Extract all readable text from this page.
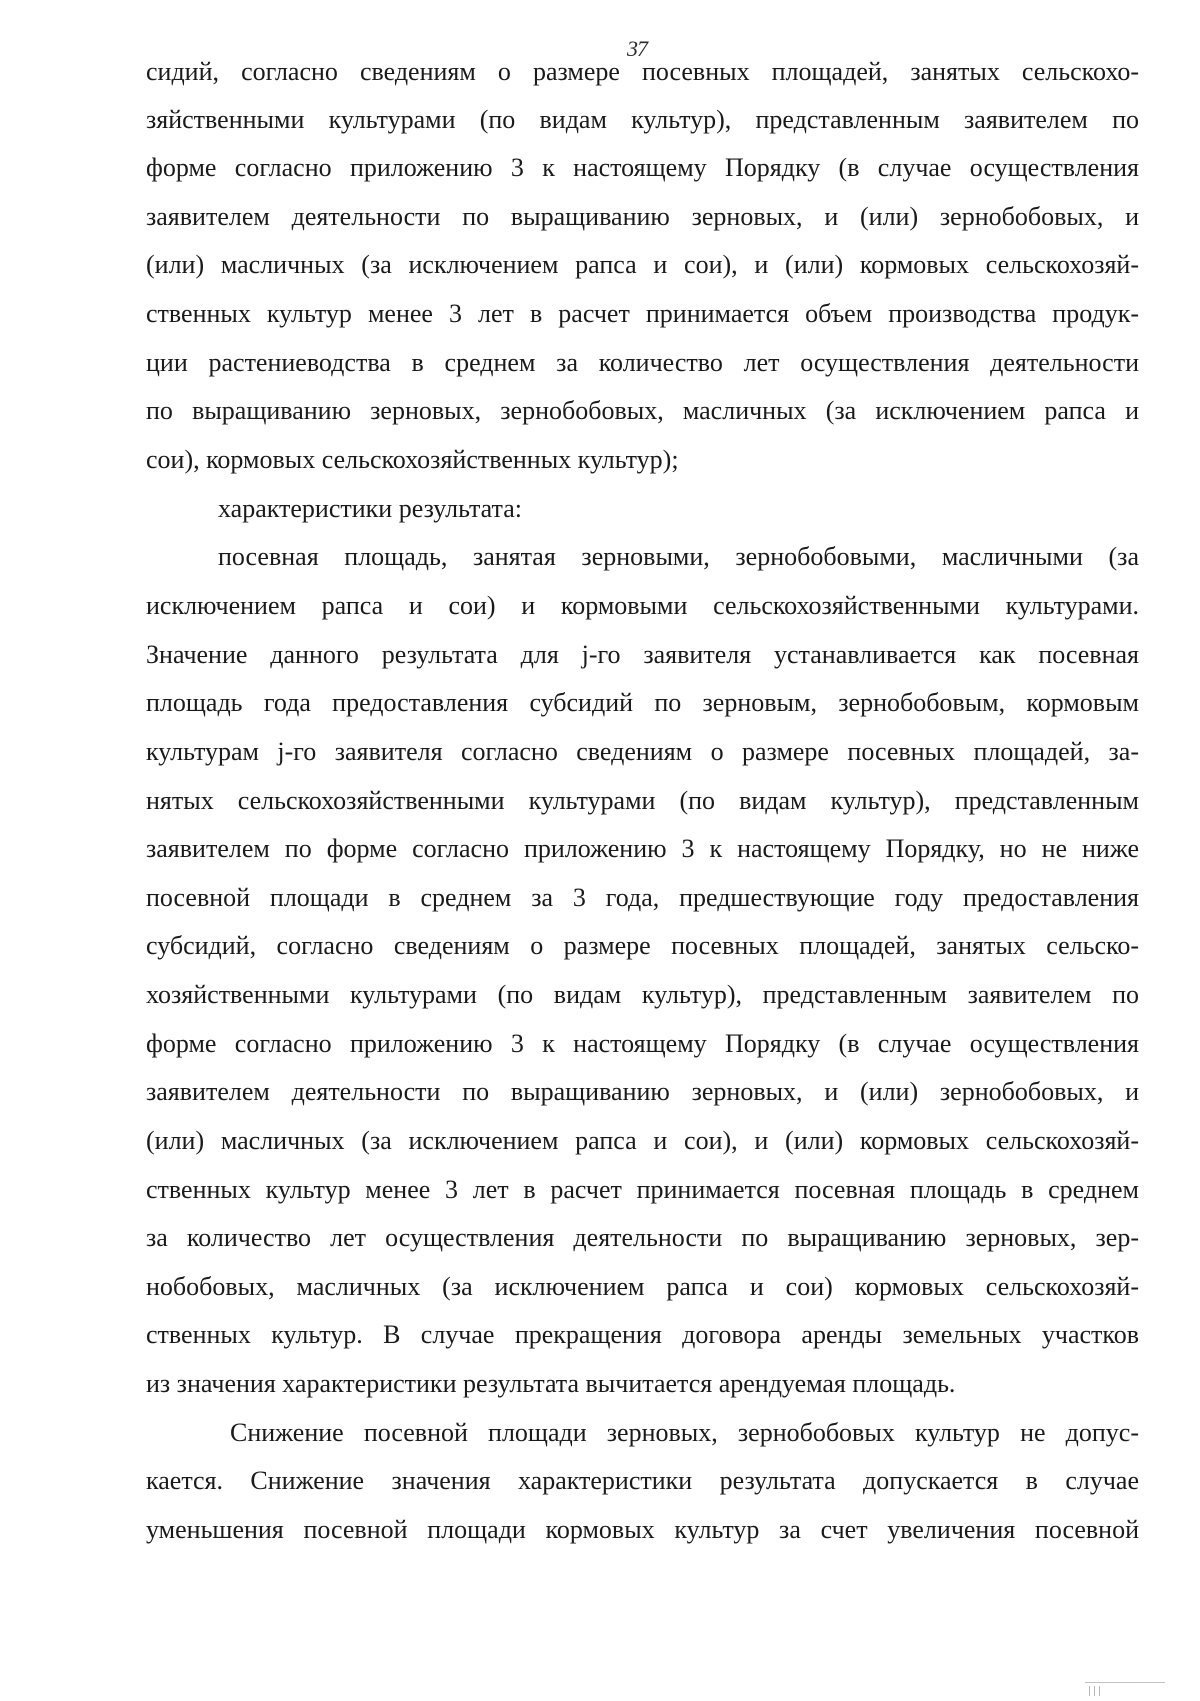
37
сидий, согласно сведениям о размере посевных площадей, занятых сельскохо-
зяйственными культурами (по видам культур), представленным заявителем по
форме согласно приложению 3 к настоящему Порядку (в случае осуществления
заявителем деятельности по выращиванию зерновых, и (или) зернобобовых, и
(или) масличных (за исключением рапса и сои), и (или) кормовых сельскохозяй-
ственных культур менее 3 лет в расчет принимается объем производства продук-
ции растениеводства в среднем за количество лет осуществления деятельности
по выращиванию зерновых, зернобобовых, масличных (за исключением рапса и
сои), кормовых сельскохозяйственных культур);
характеристики результата:
посевная площадь, занятая зерновыми, зернобобовыми, масличными (за
исключением рапса и сои) и кормовыми сельскохозяйственными культурами.
Значение данного результата для j-го заявителя устанавливается как посевная
площадь года предоставления субсидий по зерновым, зернобобовым, кормовым
культурам j-го заявителя согласно сведениям о размере посевных площадей, за-
нятых сельскохозяйственными культурами (по видам культур), представленным
заявителем по форме согласно приложению 3 к настоящему Порядку, но не ниже
посевной площади в среднем за 3 года, предшествующие году предоставления
субсидий, согласно сведениям о размере посевных площадей, занятых сельско-
хозяйственными культурами (по видам культур), представленным заявителем по
форме согласно приложению 3 к настоящему Порядку (в случае осуществления
заявителем деятельности по выращиванию зерновых, и (или) зернобобовых, и
(или) масличных (за исключением рапса и сои), и (или) кормовых сельскохозяй-
ственных культур менее 3 лет в расчет принимается посевная площадь в среднем
за количество лет осуществления деятельности по выращиванию зерновых, зер-
нобобовых, масличных (за исключением рапса и сои) кормовых сельскохозяй-
ственных культур. В случае прекращения договора аренды земельных участков
из значения характеристики результата вычитается арендуемая площадь.
Снижение посевной площади зерновых, зернобобовых культур не допус-
кается. Снижение значения характеристики результата допускается в случае
уменьшения посевной площади кормовых культур за счет увеличения посевной
